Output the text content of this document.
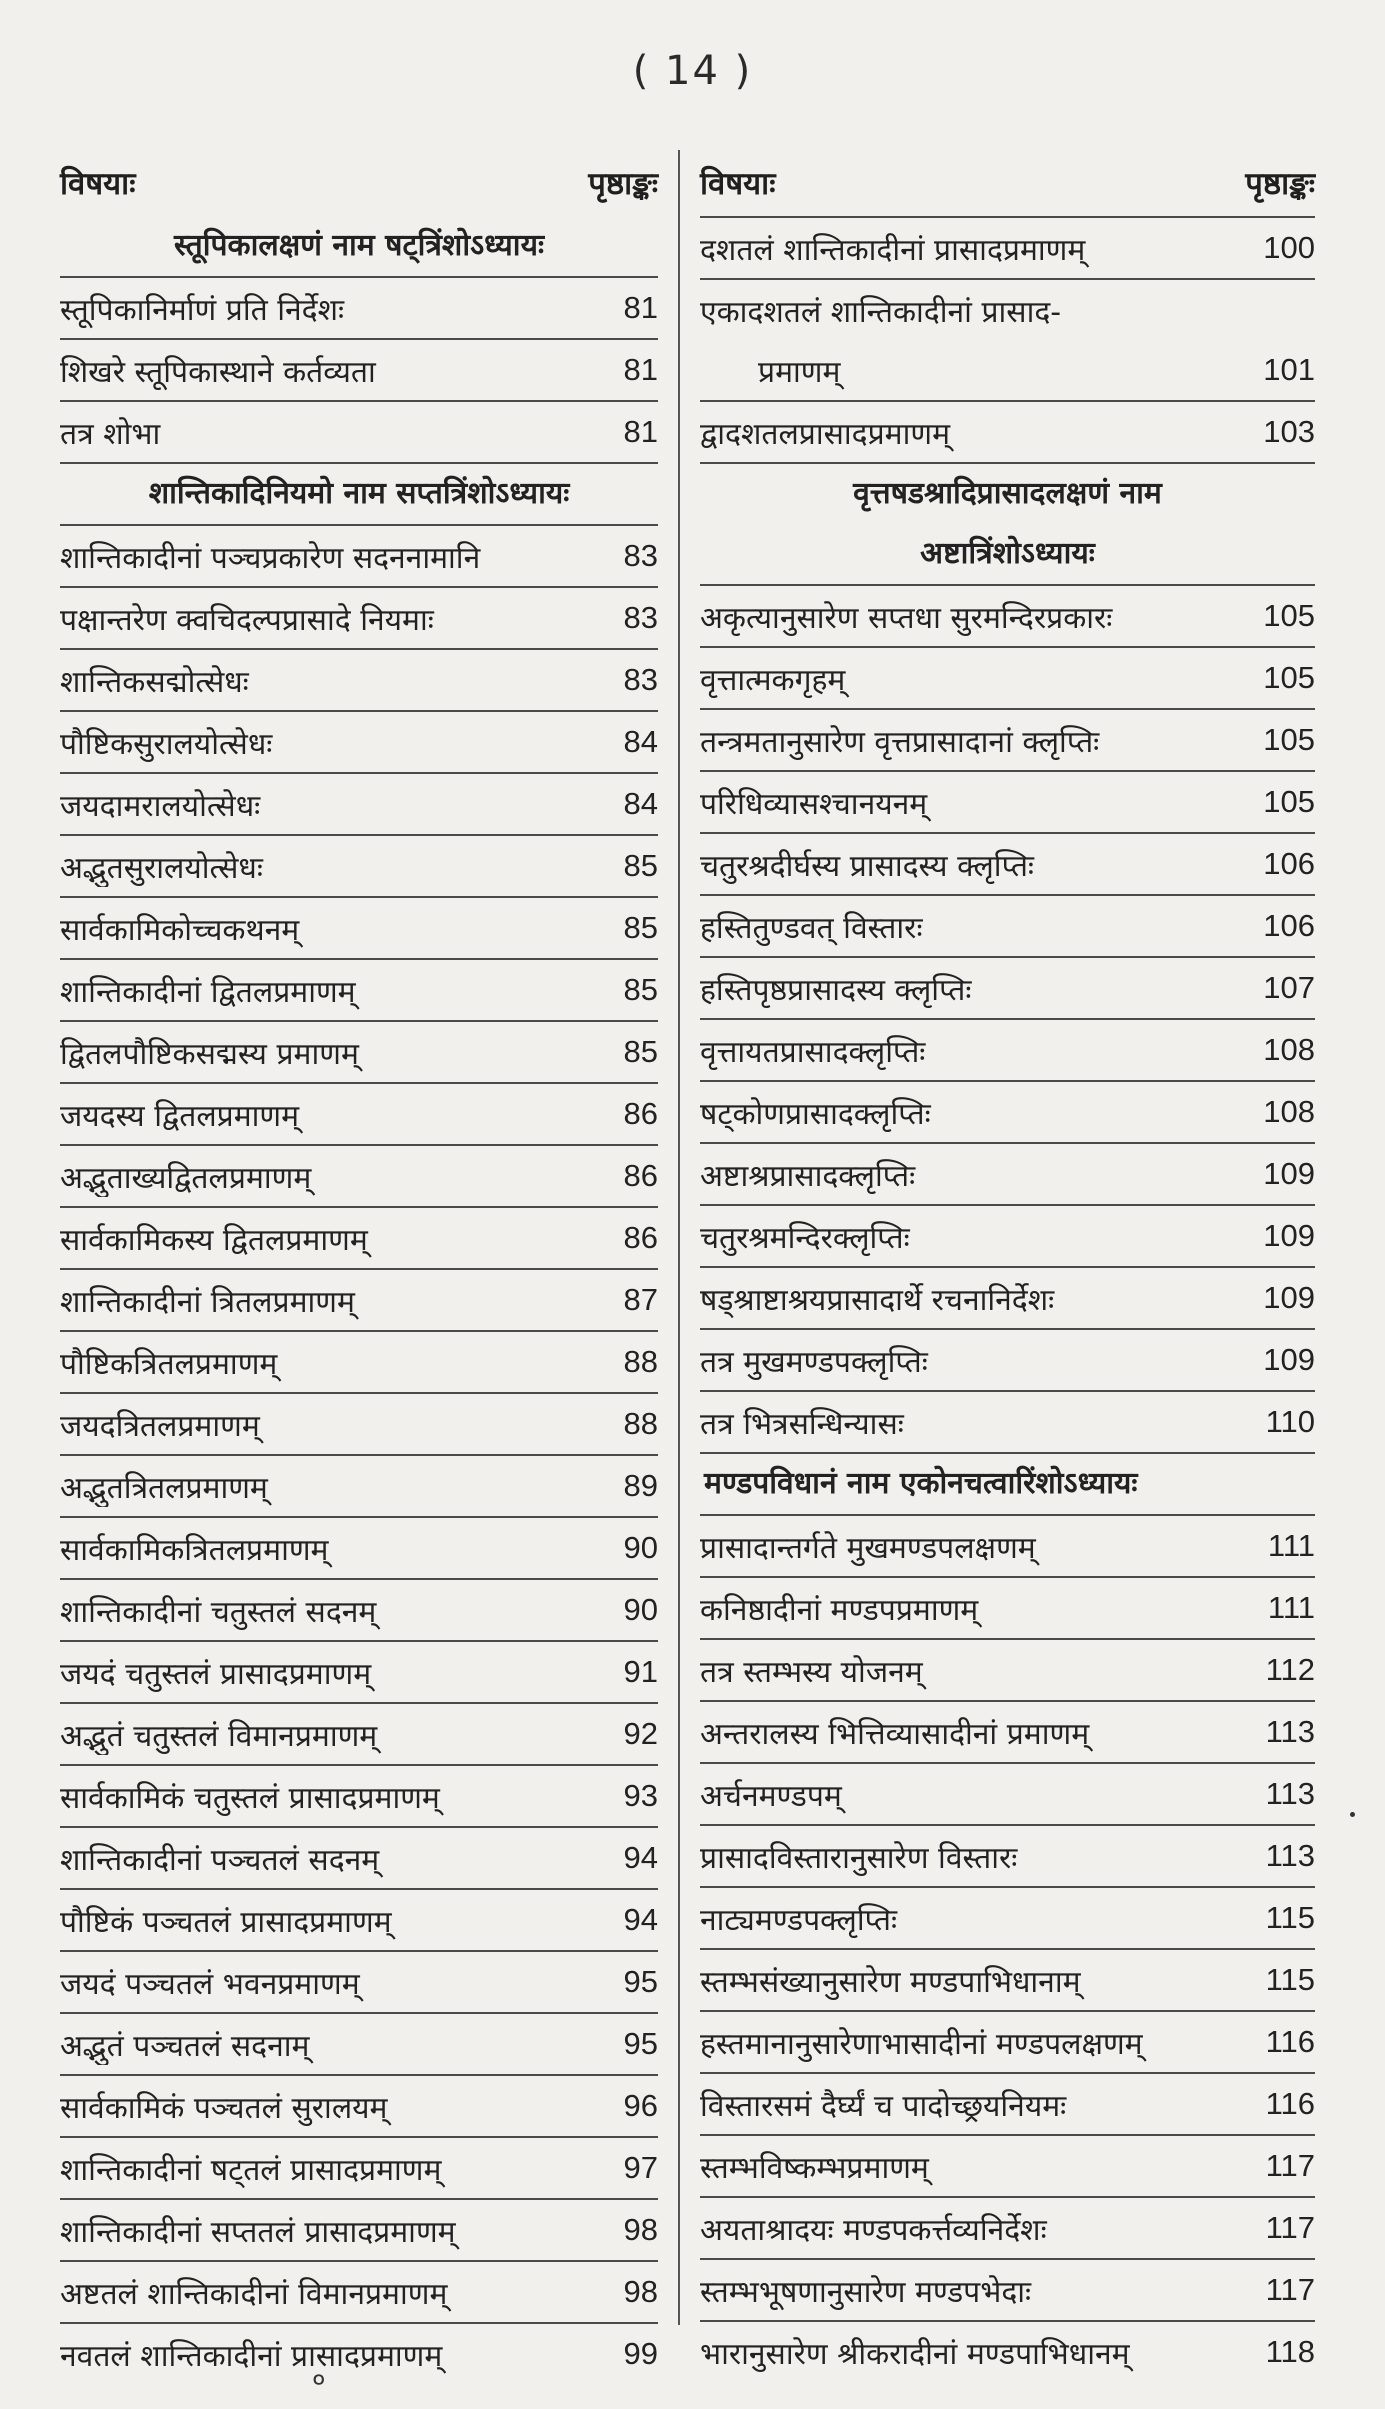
( 14 )
विषयाः	पृष्ठाङ्कः
स्तूपिकालक्षणं नाम षट्त्रिंशोऽध्यायः
स्तूपिकानिर्माणं प्रति निर्देशः	81
शिखरे स्तूपिकास्थाने कर्तव्यता	81
तत्र शोभा	81
शान्तिकादिनियमो नाम सप्तत्रिंशोऽध्यायः
शान्तिकादीनां पञ्चप्रकारेण सदननामानि	83
पक्षान्तरेण क्वचिदल्पप्रासादे नियमाः	83
शान्तिकसद्मोत्सेधः	83
पौष्टिकसुरालयोत्सेधः	84
जयदामरालयोत्सेधः	84
अद्भुतसुरालयोत्सेधः	85
सार्वकामिकोच्चकथनम्	85
शान्तिकादीनां द्वितलप्रमाणम्	85
द्वितलपौष्टिकसद्मस्य प्रमाणम्	85
जयदस्य द्वितलप्रमाणम्	86
अद्भुताख्यद्वितलप्रमाणम्	86
सार्वकामिकस्य द्वितलप्रमाणम्	86
शान्तिकादीनां त्रितलप्रमाणम्	87
पौष्टिकत्रितलप्रमाणम्	88
जयदत्रितलप्रमाणम्	88
अद्भुतत्रितलप्रमाणम्	89
सार्वकामिकत्रितलप्रमाणम्	90
शान्तिकादीनां चतुस्तलं सदनम्	90
जयदं चतुस्तलं प्रासादप्रमाणम्	91
अद्भुतं चतुस्तलं विमानप्रमाणम्	92
सार्वकामिकं चतुस्तलं प्रासादप्रमाणम्	93
शान्तिकादीनां पञ्चतलं सदनम्	94
पौष्टिकं पञ्चतलं प्रासादप्रमाणम्	94
जयदं पञ्चतलं भवनप्रमाणम्	95
अद्भुतं पञ्चतलं सदनाम्	95
सार्वकामिकं पञ्चतलं सुरालयम्	96
शान्तिकादीनां षट्तलं प्रासादप्रमाणम्	97
शान्तिकादीनां सप्ततलं प्रासादप्रमाणम्	98
अष्टतलं शान्तिकादीनां विमानप्रमाणम्	98
नवतलं शान्तिकादीनां प्रासादप्रमाणम्	99
विषयाः	पृष्ठाङ्कः
दशतलं शान्तिकादीनां प्रासादप्रमाणम्	100
एकादशतलं शान्तिकादीनां प्रासाद-
प्रमाणम्	101
द्वादशतलप्रासादप्रमाणम्	103
वृत्तषडश्रादिप्रासादलक्षणं नाम
अष्टात्रिंशोऽध्यायः
अकृत्यानुसारेण सप्तधा सुरमन्दिरप्रकारः	105
वृत्तात्मकगृहम्	105
तन्त्रमतानुसारेण वृत्तप्रासादानां क्लृप्तिः	105
परिधिव्यासश्चानयनम्	105
चतुरश्रदीर्घस्य प्रासादस्य क्लृप्तिः	106
हस्तितुण्डवत् विस्तारः	106
हस्तिपृष्ठप्रासादस्य क्लृप्तिः	107
वृत्तायतप्रासादक्लृप्तिः	108
षट्कोणप्रासादक्लृप्तिः	108
अष्टाश्रप्रासादक्लृप्तिः	109
चतुरश्रमन्दिरक्लृप्तिः	109
षड्श्राष्टाश्रयप्रासादार्थे रचनानिर्देशः	109
तत्र मुखमण्डपक्लृप्तिः	109
तत्र भित्रसन्धिन्यासः	110
मण्डपविधानं नाम एकोनचत्वारिंशोऽध्यायः
प्रासादान्तर्गते मुखमण्डपलक्षणम्	111
कनिष्ठादीनां मण्डपप्रमाणम्	111
तत्र स्तम्भस्य योजनम्	112
अन्तरालस्य भित्तिव्यासादीनां प्रमाणम्	113
अर्चनमण्डपम्	113
प्रासादविस्तारानुसारेण विस्तारः	113
नाट्यमण्डपक्लृप्तिः	115
स्तम्भसंख्यानुसारेण मण्डपाभिधानाम्	115
हस्तमानानुसारेणाभासादीनां मण्डपलक्षणम्	116
विस्तारसमं दैर्घ्यं च पादोच्छ्रयनियमः	116
स्तम्भविष्कम्भप्रमाणम्	117
अयताश्रादयः मण्डपकर्त्तव्यनिर्देशः	117
स्तम्भभूषणानुसारेण मण्डपभेदाः	117
भारानुसारेण श्रीकरादीनां मण्डपाभिधानम्	118
०
